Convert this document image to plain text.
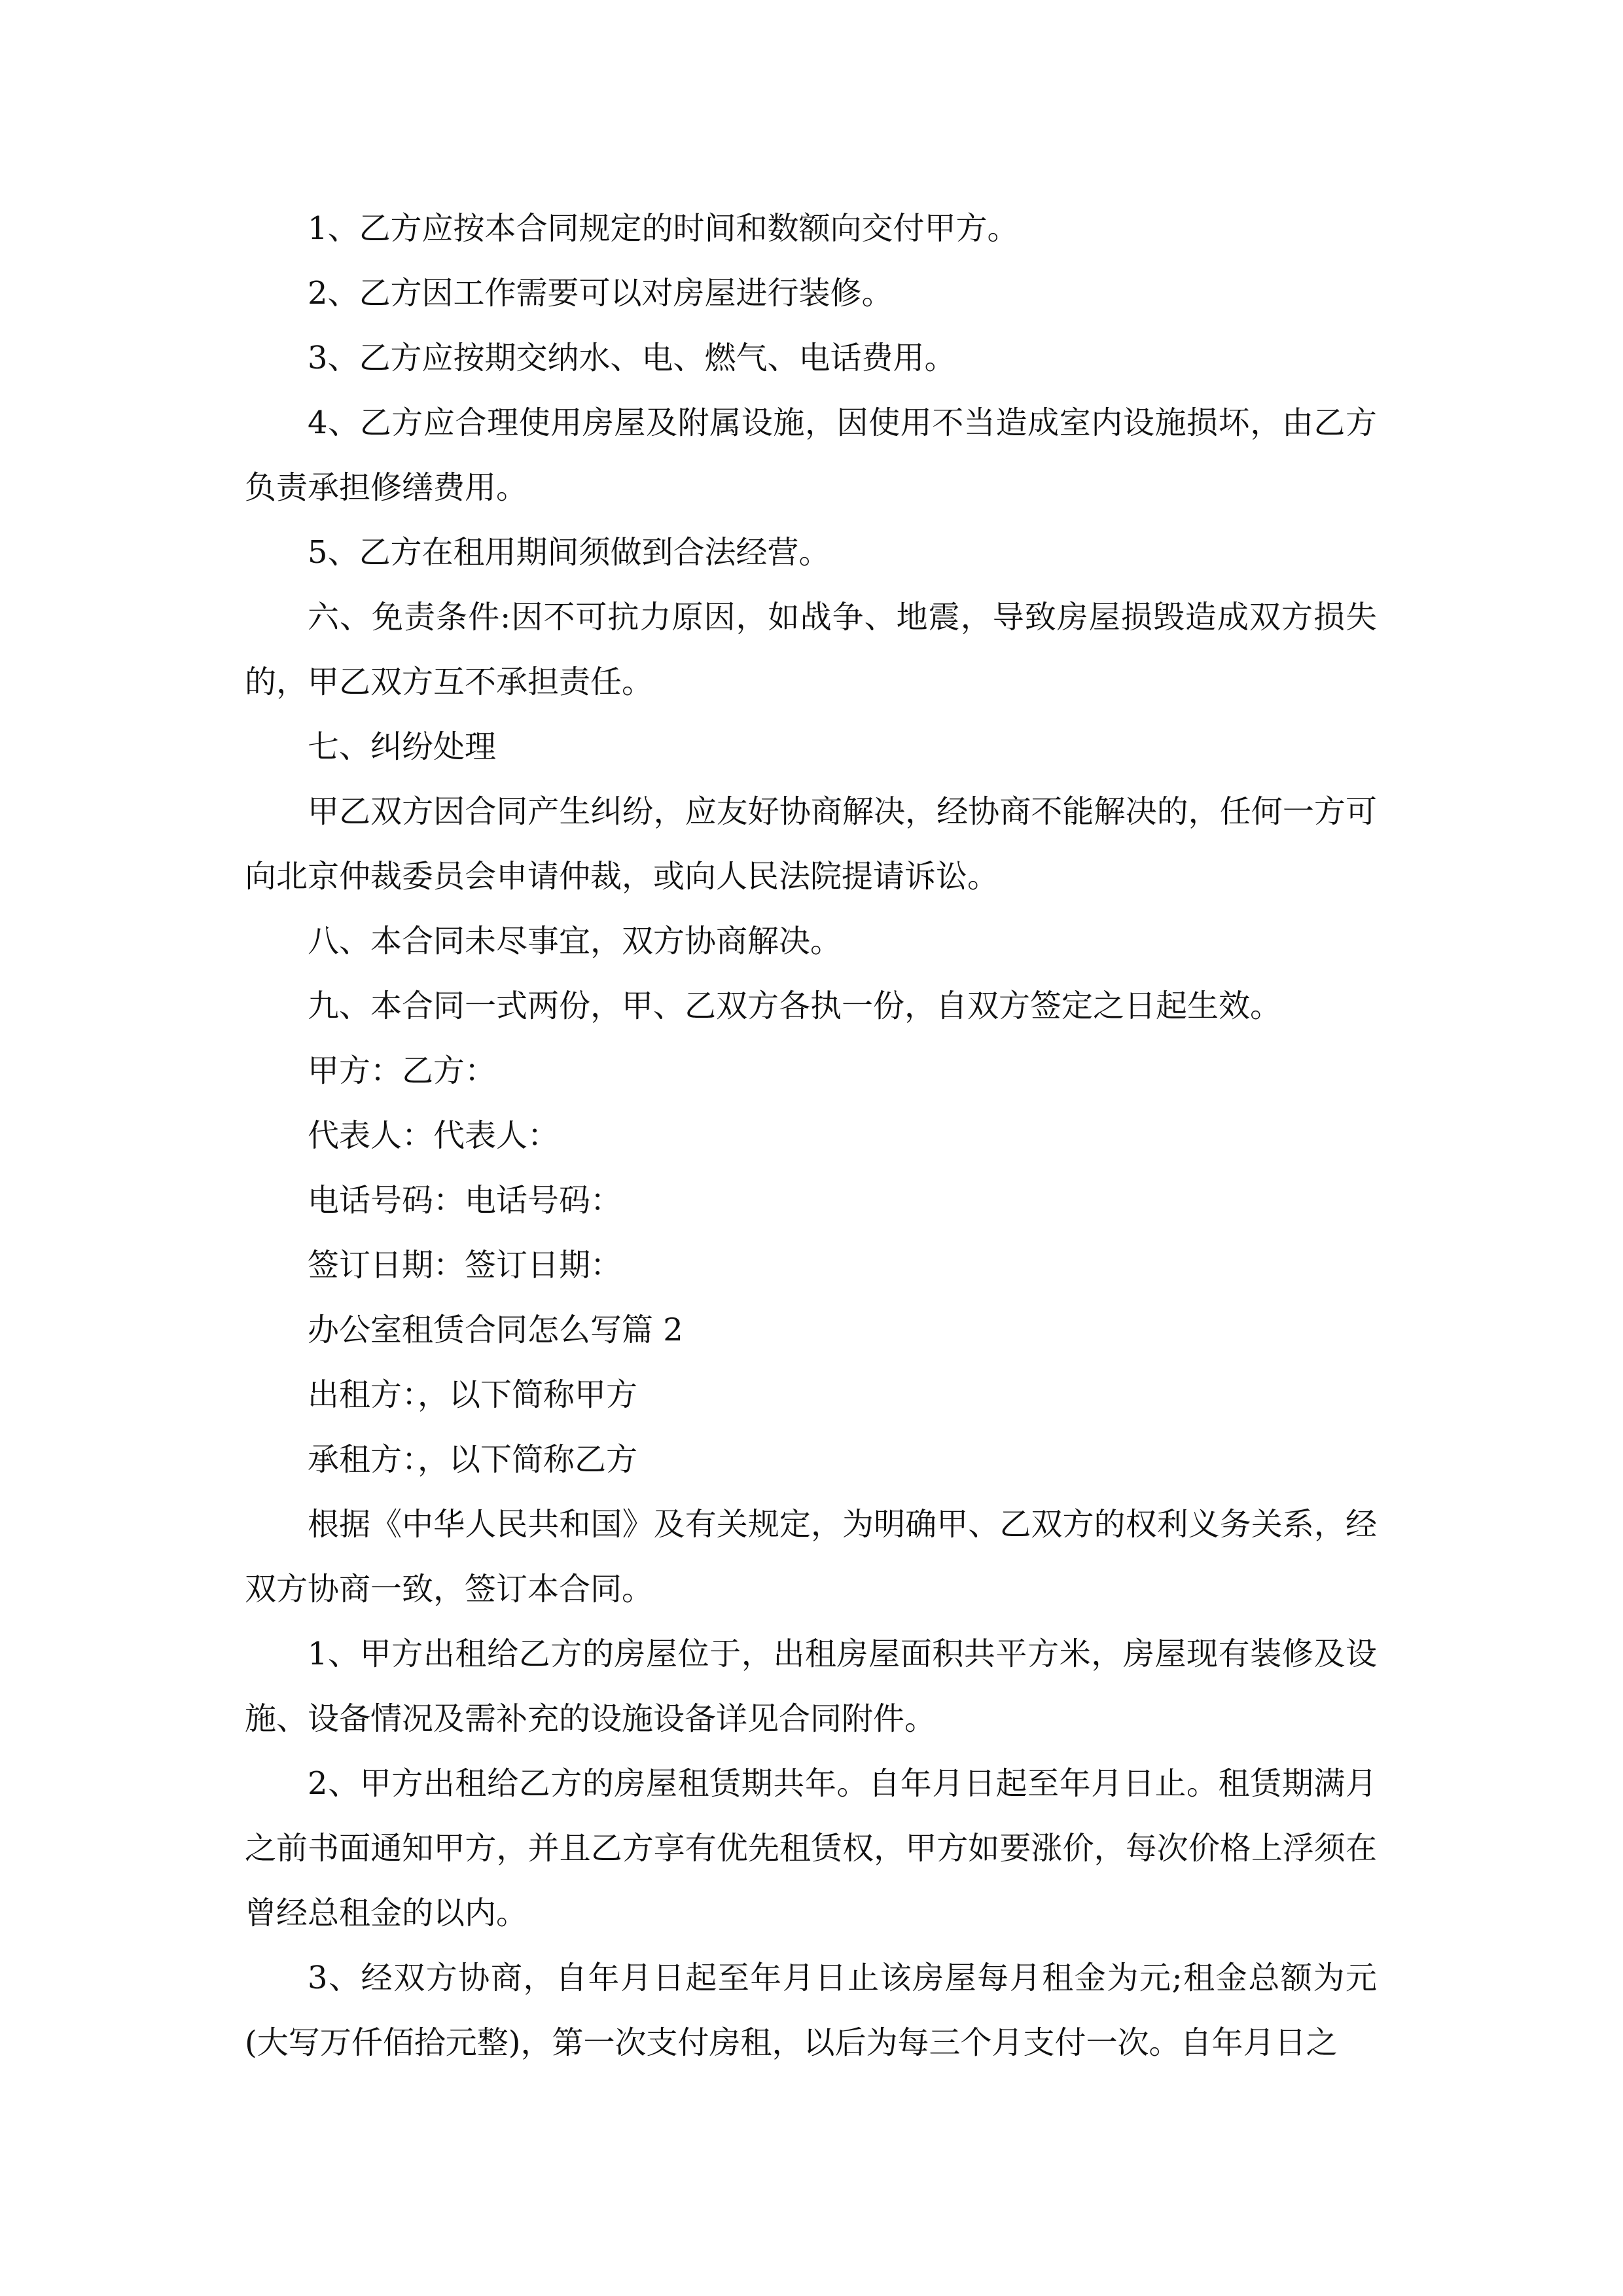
1、乙方应按本合同规定的时间和数额向交付甲方。

2、乙方因工作需要可以对房屋进行装修。

3、乙方应按期交纳水、电、燃气、电话费用。

4、乙方应合理使用房屋及附属设施，因使用不当造成室内设施损坏，由乙方负责承担修缮费用。

5、乙方在租用期间须做到合法经营。

六、免责条件:因不可抗力原因，如战争、地震，导致房屋损毁造成双方损失的，甲乙双方互不承担责任。

七、纠纷处理

甲乙双方因合同产生纠纷，应友好协商解决，经协商不能解决的，任何一方可向北京仲裁委员会申请仲裁，或向人民法院提请诉讼。

八、本合同未尽事宜，双方协商解决。

九、本合同一式两份，甲、乙双方各执一份，自双方签定之日起生效。

甲方：乙方：

代表人：代表人：

电话号码：电话号码：

签订日期：签订日期：

办公室租赁合同怎么写篇 2

出租方：，以下简称甲方

承租方：，以下简称乙方

根据《中华人民共和国》及有关规定，为明确甲、乙双方的权利义务关系，经双方协商一致，签订本合同。

1、甲方出租给乙方的房屋位于，出租房屋面积共平方米，房屋现有装修及设施、设备情况及需补充的设施设备详见合同附件。

2、甲方出租给乙方的房屋租赁期共年。自年月日起至年月日止。租赁期满月之前书面通知甲方，并且乙方享有优先租赁权，甲方如要涨价，每次价格上浮须在曾经总租金的以内。

3、经双方协商，自年月日起至年月日止该房屋每月租金为元;租金总额为元(大写万仟佰拾元整)，第一次支付房租，以后为每三个月支付一次。自年月日之
